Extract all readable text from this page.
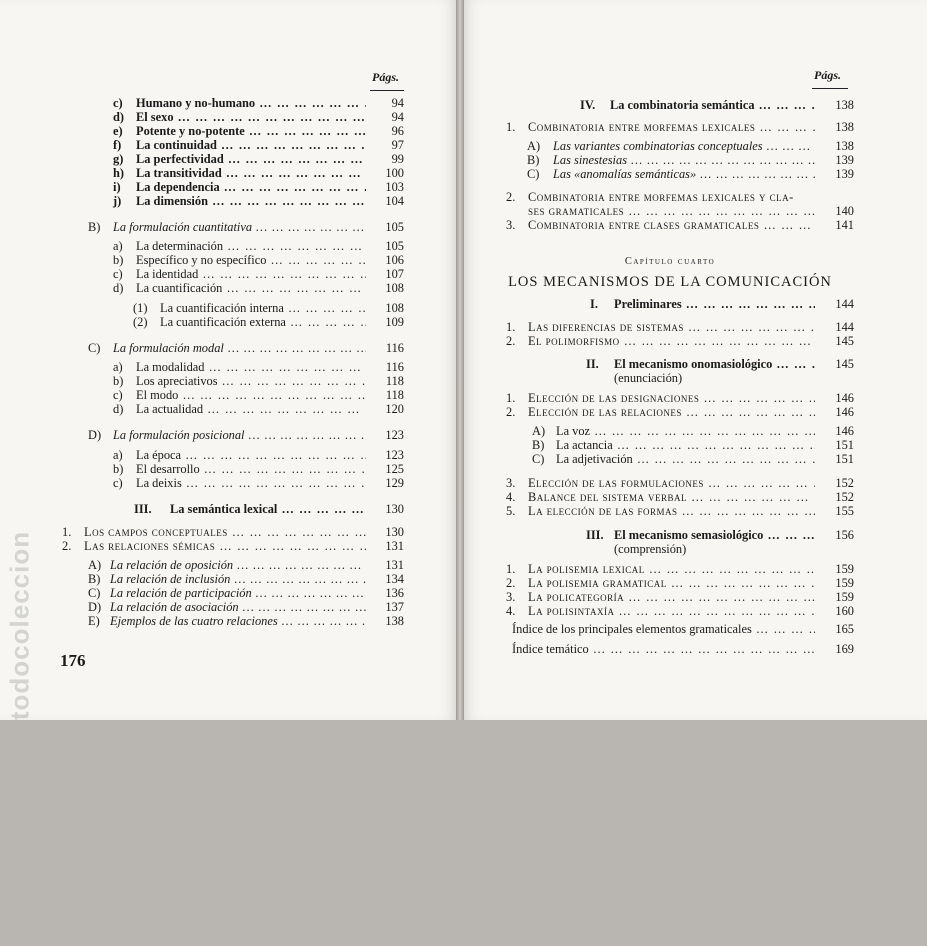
todocoleccion
Págs.
176
c) Humano y no-humano … … … … … … … … … … … … … … … … … … … … … … … … … … … … … …	94
d) El sexo … … … … … … … … … … … … … … … … … … … … … … … … … … … … … …	94
e) Potente y no-potente … … … … … … … … … … … … … … … … … … … … … … … … … … … … … …	96
f) La continuidad … … … … … … … … … … … … … … … … … … … … … … … … … … … … … …	97
g) La perfectividad … … … … … … … … … … … … … … … … … … … … … … … … … … … … … …	99
h) La transitividad … … … … … … … … … … … … … … … … … … … … … … … … … … … … … …	100
i) La dependencia … … … … … … … … … … … … … … … … … … … … … … … … … … … … … …	103
j) La dimensión … … … … … … … … … … … … … … … … … … … … … … … … … … … … … …	104
B) La formulación cuantitativa … … … … … … … … … … … … … … … … … … … … … … … … … … … … … …	105
a) La determinación … … … … … … … … … … … … … … … … … … … … … … … … … … … … … …	105
b) Específico y no específico … … … … … … … … … … … … … … … … … … … … … … … … … … … … … …	106
c) La identidad … … … … … … … … … … … … … … … … … … … … … … … … … … … … … …	107
d) La cuantificación … … … … … … … … … … … … … … … … … … … … … … … … … … … … … …	108
(1) La cuantificación interna … … … … … … … … … … … … … … … … … … … … … … … … … … … … … …	108
(2) La cuantificación externa … … … … … … … … … … … … … … … … … … … … … … … … … … … … … …	109
C) La formulación modal … … … … … … … … … … … … … … … … … … … … … … … … … … … … … …	116
a) La modalidad … … … … … … … … … … … … … … … … … … … … … … … … … … … … … …	116
b) Los apreciativos … … … … … … … … … … … … … … … … … … … … … … … … … … … … … …	118
c) El modo … … … … … … … … … … … … … … … … … … … … … … … … … … … … … …	118
d) La actualidad … … … … … … … … … … … … … … … … … … … … … … … … … … … … … …	120
D) La formulación posicional … … … … … … … … … … … … … … … … … … … … … … … … … … … … … …	123
a) La época … … … … … … … … … … … … … … … … … … … … … … … … … … … … … …	123
b) El desarrollo … … … … … … … … … … … … … … … … … … … … … … … … … … … … … …	125
c) La deixis … … … … … … … … … … … … … … … … … … … … … … … … … … … … … …	129
III. La semántica lexical … … … … … … … … … … … … … … … … … … … … … … … … … … … … … …	130
1. Los campos conceptuales … … … … … … … … … … … … … … … … … … … … … … … … … … … … … …	130
2. Las relaciones sémicas … … … … … … … … … … … … … … … … … … … … … … … … … … … … … …	131
A) La relación de oposición … … … … … … … … … … … … … … … … … … … … … … … … … … … … … …	131
B) La relación de inclusión … … … … … … … … … … … … … … … … … … … … … … … … … … … … … …	134
C) La relación de participación … … … … … … … … … … … … … … … … … … … … … … … … … … … … … …	136
D) La relación de asociación … … … … … … … … … … … … … … … … … … … … … … … … … … … … … …	137
E) Ejemplos de las cuatro relaciones … … … … … … … … … … … … … … … … … … … … … … … … … … … … … …	138
Págs.
Capítulo cuarto
LOS MECANISMOS DE LA COMUNICACIÓN
IV. La combinatoria semántica … … … … … … … … … … … … … … … … … … … … … … … … … … … … … …	138
1. Combinatoria entre morfemas lexicales … … … … … … … … … … … … … … … … … … … … … … … … … … … … … …	138
A) Las variantes combinatorias conceptuales … … … … … … … … … … … … … … … … … … … … … … … … … … … … … …	138
B) Las sinestesias … … … … … … … … … … … … … … … … … … … … … … … … … … … … … …	139
C) Las «anomalías semánticas» … … … … … … … … … … … … … … … … … … … … … … … … … … … … … …	139
2. Combinatoria entre morfemas lexicales y cla-
ses gramaticales … … … … … … … … … … … … … … … … … … … … … … … … … … … … … …	140
3. Combinatoria entre clases gramaticales … … … … … … … … … … … … … … … … … … … … … … … … … … … … … …	141
I. Preliminares … … … … … … … … … … … … … … … … … … … … … … … … … … … … … …	144
1. Las diferencias de sistemas … … … … … … … … … … … … … … … … … … … … … … … … … … … … … …	144
2. El polimorfismo … … … … … … … … … … … … … … … … … … … … … … … … … … … … … …	145
II. El mecanismo onomasiológico … … … … … … … … … … … … … … … … … … … … … … … … … … … … … …	145
(enunciación)
1. Elección de las designaciones … … … … … … … … … … … … … … … … … … … … … … … … … … … … … …	146
2. Elección de las relaciones … … … … … … … … … … … … … … … … … … … … … … … … … … … … … …	146
A) La voz … … … … … … … … … … … … … … … … … … … … … … … … … … … … … …	146
B) La actancia … … … … … … … … … … … … … … … … … … … … … … … … … … … … … …	151
C) La adjetivación … … … … … … … … … … … … … … … … … … … … … … … … … … … … … …	151
3. Elección de las formulaciones … … … … … … … … … … … … … … … … … … … … … … … … … … … … … …	152
4. Balance del sistema verbal … … … … … … … … … … … … … … … … … … … … … … … … … … … … … …	152
5. La elección de las formas … … … … … … … … … … … … … … … … … … … … … … … … … … … … … …	155
III. El mecanismo semasiológico … … … … … … … … … … … … … … … … … … … … … … … … … … … … … …	156
(comprensión)
1. La polisemia lexical … … … … … … … … … … … … … … … … … … … … … … … … … … … … … …	159
2. La polisemia gramatical … … … … … … … … … … … … … … … … … … … … … … … … … … … … … …	159
3. La policategoría … … … … … … … … … … … … … … … … … … … … … … … … … … … … … …	159
4. La polisintaxía … … … … … … … … … … … … … … … … … … … … … … … … … … … … … …	160
Índice de los principales elementos gramaticales … … … … … … … … … … … … … … … … … … … … … … … … … … … … … …	165
Índice temático … … … … … … … … … … … … … … … … … … … … … … … … … … … … … …	169
